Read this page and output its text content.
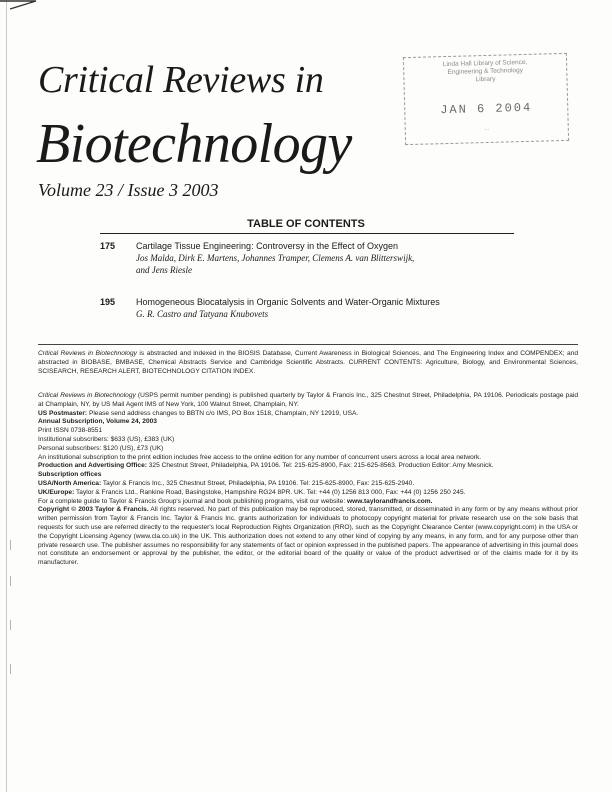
Critical Reviews in
Biotechnology
Volume 23 / Issue 3 2003
Linda Hall Library of Science,
Engineering & Technology
Library
JAN 6 2004
...
TABLE OF CONTENTS
175	Cartilage Tissue Engineering: Controversy in the Effect of Oxygen
Jos Malda, Dirk E. Martens, Johannes Tramper, Clemens A. van Blitterswijk,
and Jens Riesle
195	Homogeneous Biocatalysis in Organic Solvents and Water-Organic Mixtures
G. R. Castro and Tatyana Knubovets

Critical Reviews in Biotechnology is abstracted and indexed in the BIOSIS Database, Current Awareness in Biological Sciences, and The Engineering Index and COMPENDEX; and abstracted in BIOBASE, BMBASE, Chemical Abstracts Service and Cambridge Scientific Abstracts. CURRENT CONTENTS: Agriculture, Biology, and Environmental Sciences, SCISEARCH, RESEARCH ALERT, BIOTECHNOLOGY CITATION INDEX.

Critical Reviews in Biotechnology (USPS permit number pending) is published quarterly by Taylor & Francis Inc., 325 Chestnut Street, Philadelphia, PA 19106. Periodicals postage paid at Champlain, NY, by US Mail Agent IMS of New York, 100 Walnut Street, Champlain, NY.

US Postmaster: Please send address changes to BBTN c/o IMS, PO Box 1518, Champlain, NY 12919, USA.

Annual Subscription, Volume 24, 2003

Print ISSN 0738-8551

Institutional subscribers: $633 (US), £383 (UK)

Personal subscribers: $120 (US), £73 (UK)

An institutional subscription to the print edition includes free access to the online edition for any number of concurrent users across a local area network.

Production and Advertising Office: 325 Chestnut Street, Philadelphia, PA 19106. Tel: 215-625-8900, Fax: 215-625-8563. Production Editor: Amy Mesnick.

Subscription offices

USA/North America: Taylor & Francis Inc., 325 Chestnut Street, Philadelphia, PA 19106. Tel: 215-625-8900, Fax: 215-625-2940.

UK/Europe: Taylor & Francis Ltd., Rankine Road, Basingstoke, Hampshire RG24 8PR. UK. Tel: +44 (0) 1256 813 000, Fax: +44 (0) 1256 250 245.

For a complete guide to Taylor & Francis Group's journal and book publishing programs, visit our website: www.taylorandfrancis.com.

Copyright © 2003 Taylor & Francis. All rights reserved. No part of this publication may be reproduced, stored, transmitted, or disseminated in any form or by any means without prior written permission from Taylor & Francis Inc. Taylor & Francis Inc. grants authorization for individuals to photocopy copyright material for private research use on the sole basis that requests for such use are referred directly to the requester's local Reproduction Rights Organization (RRO), such as the Copyright Clearance Center (www.copyright.com) in the USA or the Copyright Licensing Agency (www.cla.co.uk) in the UK. This authorization does not extend to any other kind of copying by any means, in any form, and for any purpose other than private research use. The publisher assumes no responsibility for any statements of fact or opinion expressed in the published papers. The appearance of advertising in this journal does not constitute an endorsement or approval by the publisher, the editor, or the editorial board of the quality or value of the product advertised or of the claims made for it by its manufacturer.
